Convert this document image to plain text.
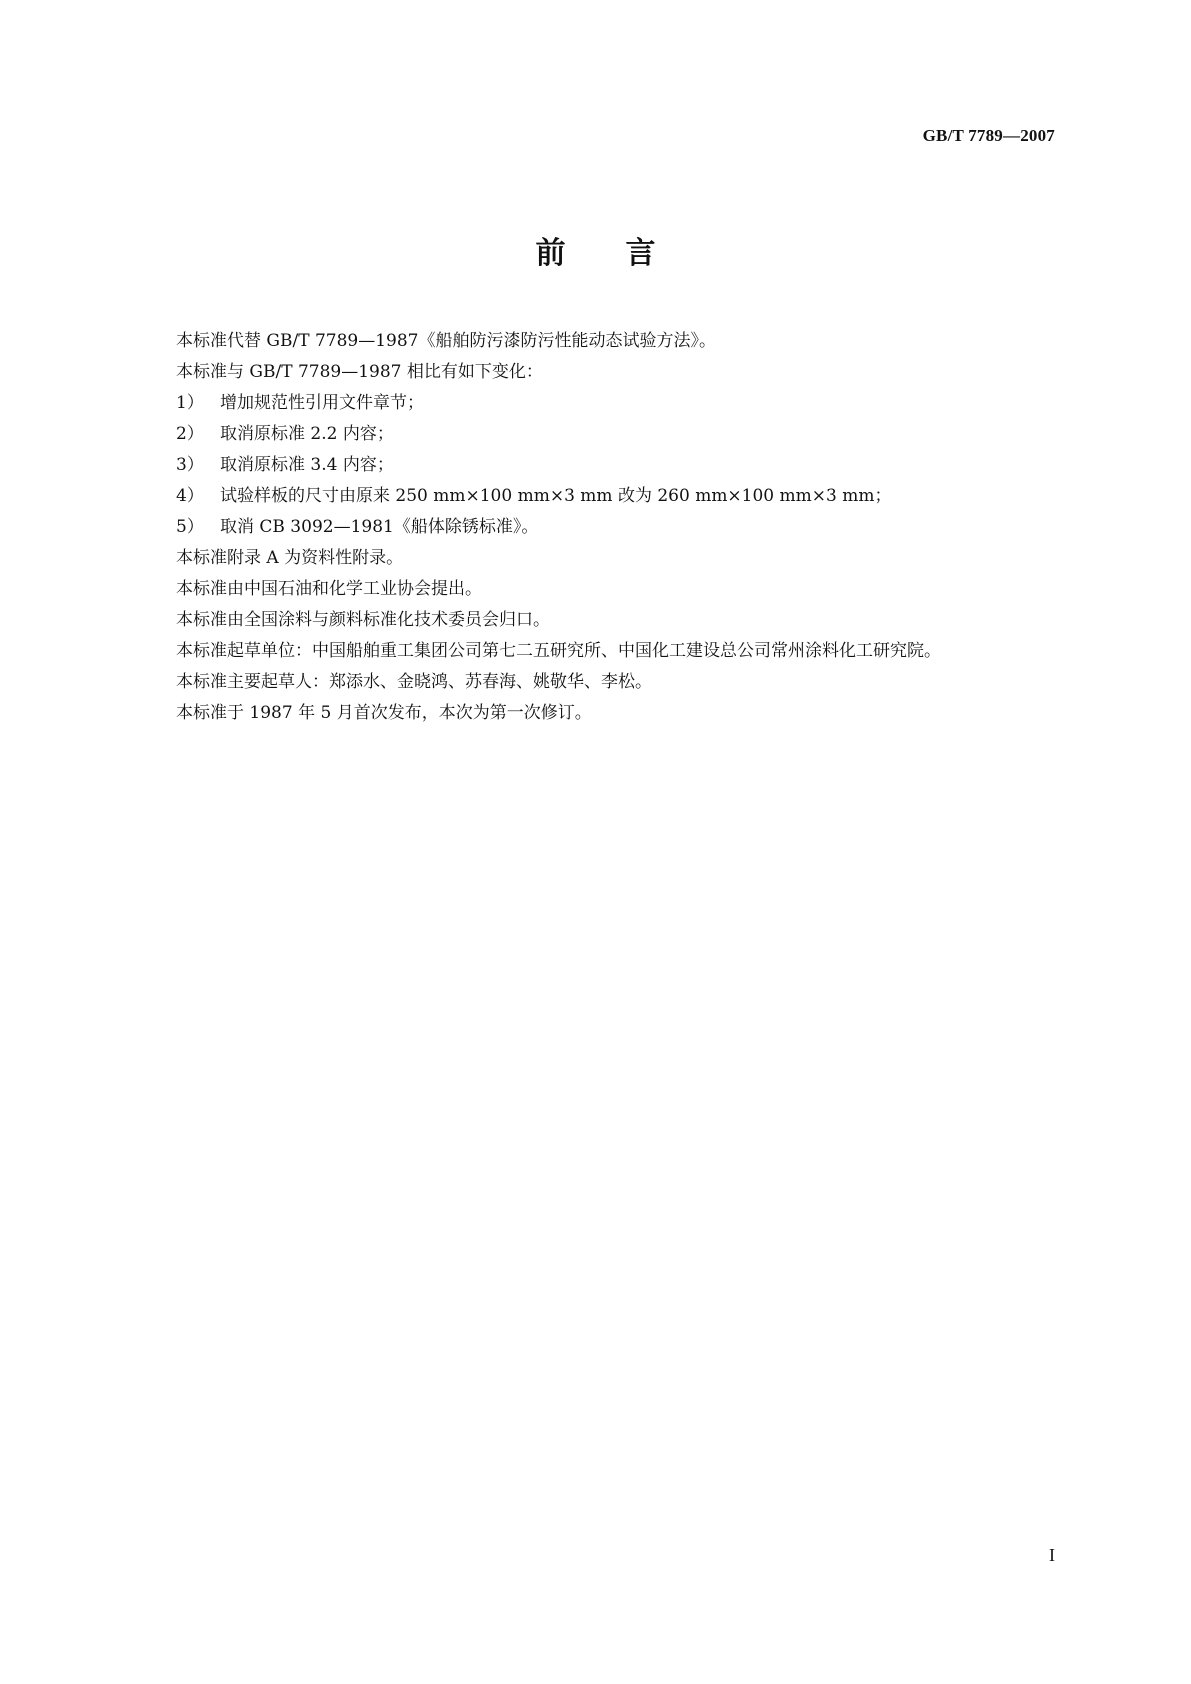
GB/T 7789—2007
前 言

本标准代替 GB/T 7789—1987《船舶防污漆防污性能动态试验方法》。

本标准与 GB/T 7789—1987 相比有如下变化：

1） 增加规范性引用文件章节；
2） 取消原标准 2.2 内容；
3） 取消原标准 3.4 内容；
4） 试验样板的尺寸由原来 250 mm×100 mm×3 mm 改为 260 mm×100 mm×3 mm；
5） 取消 CB 3092—1981《船体除锈标准》。

本标准附录 A 为资料性附录。

本标准由中国石油和化学工业协会提出。

本标准由全国涂料与颜料标准化技术委员会归口。

本标准起草单位：中国船舶重工集团公司第七二五研究所、中国化工建设总公司常州涂料化工研究院。

本标准主要起草人：郑添水、金晓鸿、苏春海、姚敬华、李松。

本标准于 1987 年 5 月首次发布，本次为第一次修订。

I
